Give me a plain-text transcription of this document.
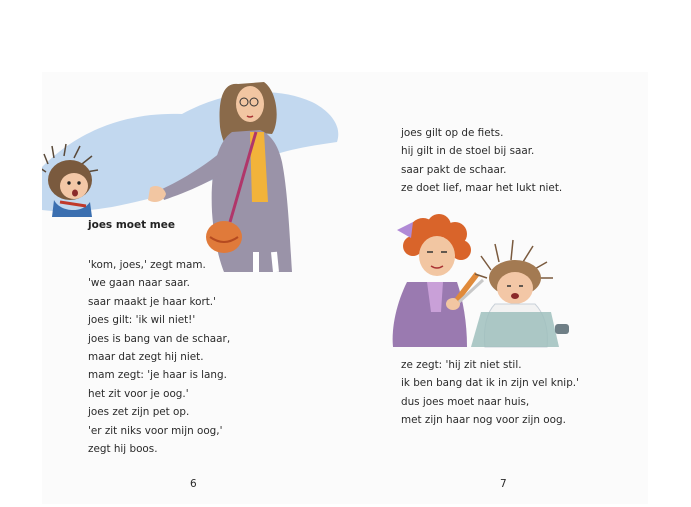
joes moet mee
'kom, joes,' zegt mam.
'we gaan naar saar.
saar maakt je haar kort.'
joes gilt: 'ik wil niet!'
joes is bang van de schaar,
maar dat zegt hij niet.
mam zegt: 'je haar is lang.
het zit voor je oog.'
joes zet zijn pet op.
'er zit niks voor mijn oog,'
zegt hij boos.
6
joes gilt op de fiets.
hij gilt in de stoel bij saar.
saar pakt de schaar.
ze doet lief, maar het lukt niet.
ze zegt: 'hij zit niet stil.
ik ben bang dat ik in zijn vel knip.'
dus joes moet naar huis,
met zijn haar nog voor zijn oog.
7
